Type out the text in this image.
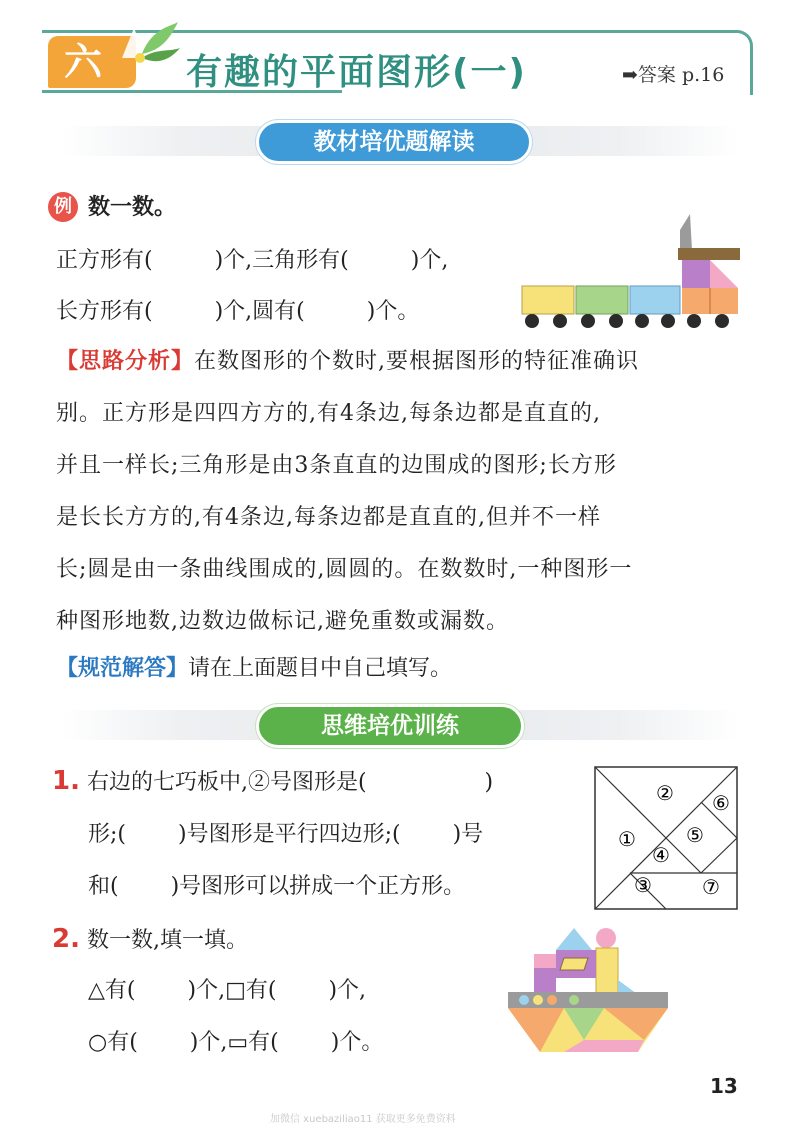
六	有趣的平面图形(一)	➡答案 p.16
教材培优题解读
例 数一数。
正方形有(	)个,三角形有(	)个,
长方形有(	)个,圆有(	)个。
【思路分析】在数图形的个数时,要根据图形的特征准确识
别。正方形是四四方方的,有4条边,每条边都是直直的,
并且一样长;三角形是由3条直直的边围成的图形;长方形
是长长方方的,有4条边,每条边都是直直的,但并不一样
长;圆是由一条曲线围成的,圆圆的。在数数时,一种图形一
种图形地数,边数边做标记,避免重数或漏数。
【规范解答】请在上面题目中自己填写。
思维培优训练
1. 右边的七巧板中,②号图形是(	)
形;( )号图形是平行四边形;( )号
和( )号图形可以拼成一个正方形。
①
②
③
④
⑤
⑥
⑦
2. 数一数,填一填。
△有( )个,□有( )个,
○有( )个,▭有( )个。
13
加微信 xuebaziliao11 获取更多免费资料
